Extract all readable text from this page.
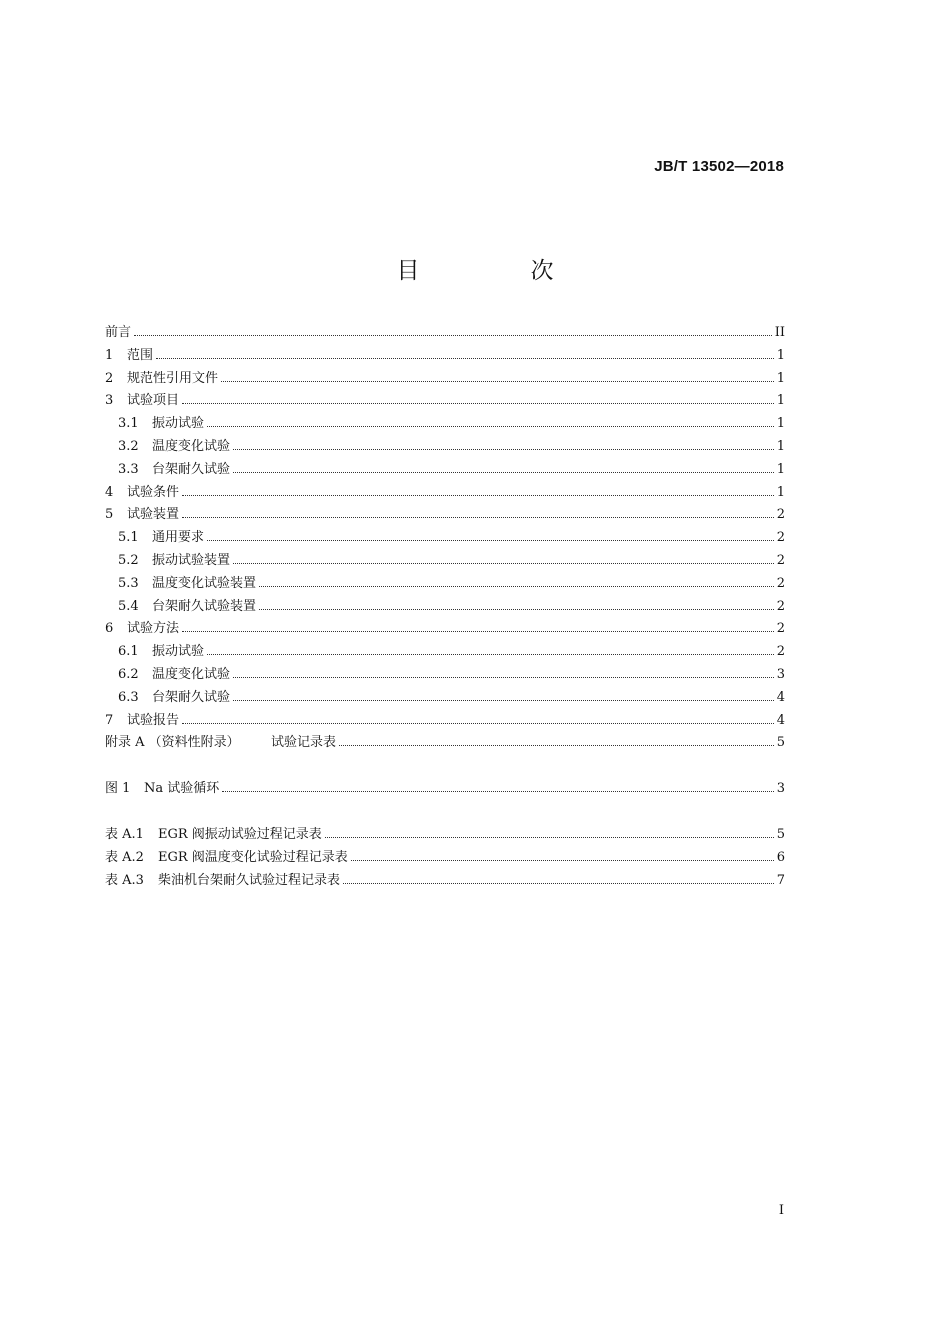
JB/T 13502—2018
目　次
前言	II
1	范围	1
2	规范性引用文件	1
3	试验项目	1
3.1	振动试验	1
3.2	温度变化试验	1
3.3	台架耐久试验	1
4	试验条件	1
5	试验装置	2
5.1	通用要求	2
5.2	振动试验装置	2
5.3	温度变化试验装置	2
5.4	台架耐久试验装置	2
6	试验方法	2
6.1	振动试验	2
6.2	温度变化试验	3
6.3	台架耐久试验	4
7	试验报告	4
附录 A （资料性附录）	试验记录表	5
图 1	Na 试验循环	3
表 A.1	EGR 阀振动试验过程记录表	5
表 A.2	EGR 阀温度变化试验过程记录表	6
表 A.3	柴油机台架耐久试验过程记录表	7
I
